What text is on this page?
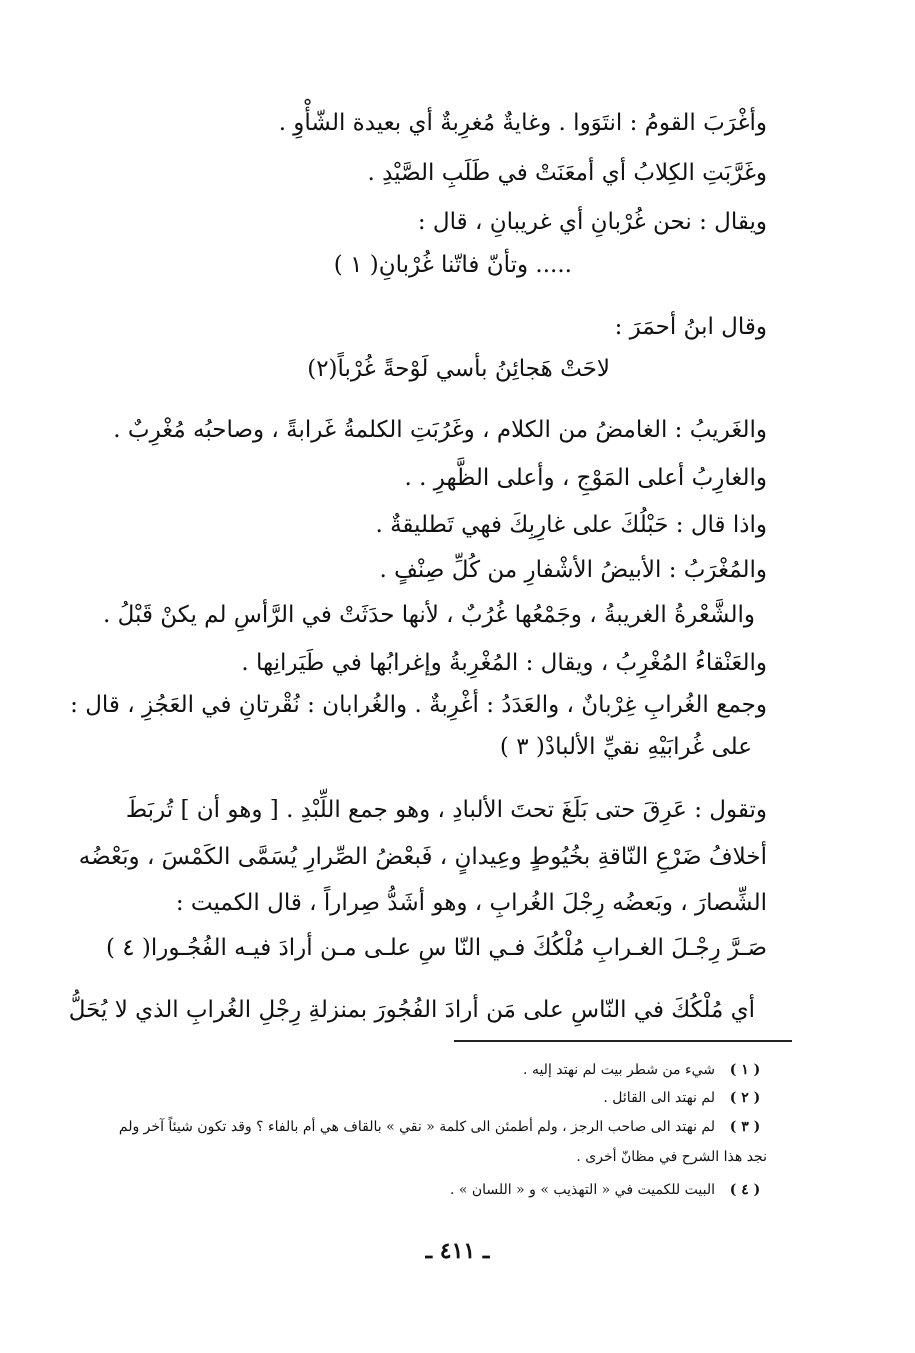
وأغْرَبَ القومُ : انتَوَوا . وغايةٌ مُغرِبةٌ أي بعيدة الشّأْوِ .
وغَرَّبَتِ الكِلابُ أي أمعَنَتْ في طَلَبِ الصَّيْدِ .
ويقال : نحن غُرْبانِ أي غريبانِ ، قال :
..... وتأنّ فاتّنا غُرْبانِ( ١ )
وقال ابنُ أحمَرَ :
لاحَتْ هَجائِنُ بأسي لَوْحةً غُرْباً(٢)
والغَريبُ : الغامضُ من الكلام ، وغَرُبَتِ الكلمةُ غَرابةً ، وصاحبُه مُغْرِبٌ .
والغارِبُ أعلى المَوْجِ ، وأعلى الظَّهرِ . .
واذا قال : حَبْلُكَ على غارِبِكَ فهي تَطليقةٌ .
والمُغْرَبُ : الأبيضُ الأشْفارِ من كُلِّ صِنْفٍ .
والشَّعْرةُ الغريبةُ ، وجَمْعُها غُرُبٌ ، لأنها حدَثَتْ في الرَّأسِ لم يكنْ قَبْلُ .
والعَنْقاءُ المُغْرِبُ ، ويقال : المُغْرِبةُ وإغرابُها في طَيَرانِها .
وجمع الغُرابِ غِرْبانٌ ، والعَدَدُ : أغْرِبةٌ . والغُرابان : نُقْرتانِ في العَجُزِ ، قال :
على غُرابَيْهِ نقيِّ الألبادْ( ٣ )
وتقول : عَرِقَ حتى بَلَغَ تحتَ الألبادِ ، وهو جمع اللِّبْدِ . [ وهو أن ] تُربَطَ
أخلافُ ضَرْعِ النّاقةِ بخُيُوطٍ وعِيدانٍ ، فَبعْضُ الصِّرارِ يُسَمَّى الكَمْسَ ، وبَعْضُه
الشِّصارَ ، وبَعضُه رِجْلَ الغُرابِ ، وهو أشَدُّ صِراراً ، قال الكميت :
صَـرَّ رِجْـلَ الغـرابِ مُلْكُكَ فـي النّا سِ علـى مـن أرادَ فيـه الفُجُـورا( ٤ )
أي مُلْكُكَ في النّاسِ على مَن أرادَ الفُجُورَ بمنزلةِ رِجْلِ الغُرابِ الذي لا يُحَلُّ
( ١ )شيء من شطر بيت لم نهتد إليه .
( ٢ )لم نهتد الى القائل .
( ٣ )لم نهتد الى صاحب الرجز ، ولم أطمئن الى كلمة « نقي » بالقاف هي أم بالفاء ؟ وقد تكون شيئاً آخر ولم
نجد هذا الشرح في مظانّ أخرى .
( ٤ )البيت للكميت في « التهذيب » و « اللسان » .
ـ ٤١١ ـ
